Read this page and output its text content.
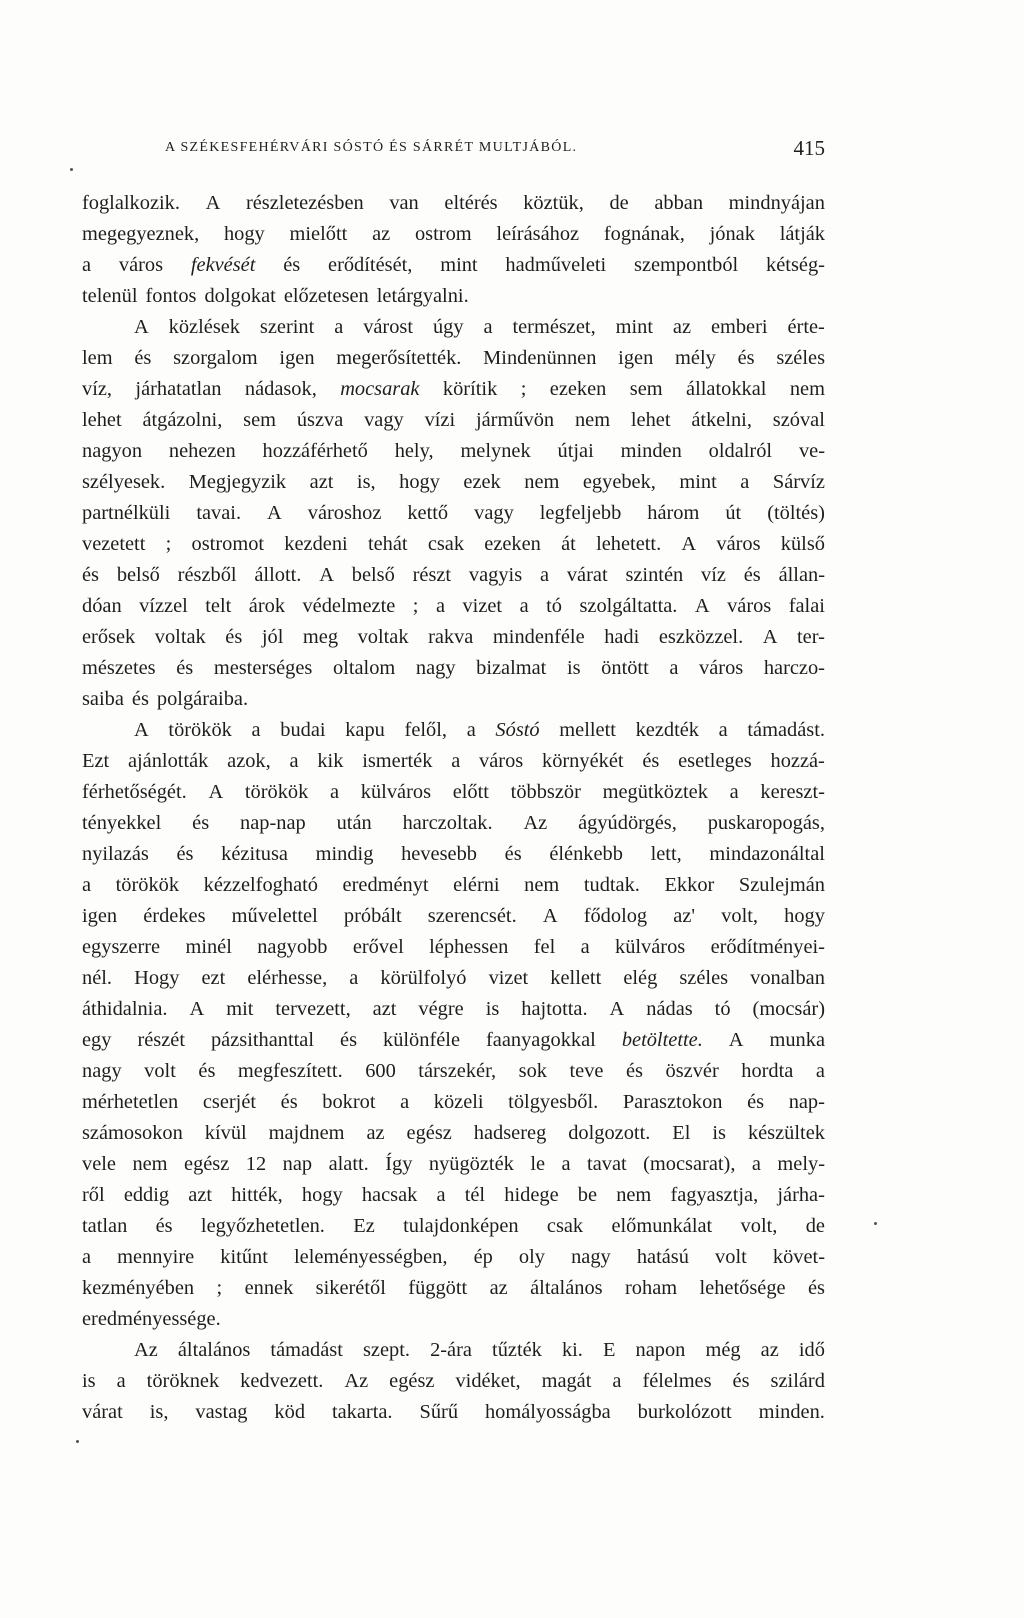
A SZÉKESFEHÉRVÁRI SÓSTÓ ÉS SÁRRÉT MULTJÁBÓL.	415
foglalkozik. A részletezésben van eltérés köztük, de abban mindnyájan
megegyeznek, hogy mielőtt az ostrom leírásához fognának, jónak látják
a város fekvését és erődítését, mint hadműveleti szempontból kétség-
telenül fontos dolgokat előzetesen letárgyalni.
A közlések szerint a várost úgy a természet, mint az emberi érte-
lem és szorgalom igen megerősítették. Mindenünnen igen mély és széles
víz, járhatatlan nádasok, mocsarak körítik ; ezeken sem állatokkal nem
lehet átgázolni, sem úszva vagy vízi járművön nem lehet átkelni, szóval
nagyon nehezen hozzáférhető hely, melynek útjai minden oldalról ve-
szélyesek. Megjegyzik azt is, hogy ezek nem egyebek, mint a Sárvíz
partnélküli tavai. A városhoz kettő vagy legfeljebb három út (töltés)
vezetett ; ostromot kezdeni tehát csak ezeken át lehetett. A város külső
és belső részből állott. A belső részt vagyis a várat szintén víz és állan-
dóan vízzel telt árok védelmezte ; a vizet a tó szolgáltatta. A város falai
erősek voltak és jól meg voltak rakva mindenféle hadi eszközzel. A ter-
mészetes és mesterséges oltalom nagy bizalmat is öntött a város harczo-
saiba és polgáraiba.
A törökök a budai kapu felől, a Sóstó mellett kezdték a támadást.
Ezt ajánlották azok, a kik ismerték a város környékét és esetleges hozzá-
férhetőségét. A törökök a külváros előtt többször megütköztek a kereszt-
tényekkel és nap-nap után harczoltak. Az ágyúdörgés, puskaropogás,
nyilazás és kézitusa mindig hevesebb és élénkebb lett, mindazonáltal
a törökök kézzelfogható eredményt elérni nem tudtak. Ekkor Szulejmán
igen érdekes művelettel próbált szerencsét. A fődolog az' volt, hogy
egyszerre minél nagyobb erővel léphessen fel a külváros erődítményei-
nél. Hogy ezt elérhesse, a körülfolyó vizet kellett elég széles vonalban
áthidalnia. A mit tervezett, azt végre is hajtotta. A nádas tó (mocsár)
egy részét pázsithanttal és különféle faanyagokkal betöltette. A munka
nagy volt és megfeszített. 600 társzekér, sok teve és öszvér hordta a
mérhetetlen cserjét és bokrot a közeli tölgyesből. Parasztokon és nap-
számosokon kívül majdnem az egész hadsereg dolgozott. El is készültek
vele nem egész 12 nap alatt. Így nyügözték le a tavat (mocsarat), a mely-
ről eddig azt hitték, hogy hacsak a tél hidege be nem fagyasztja, járha-
tatlan és legyőzhetetlen. Ez tulajdonképen csak előmunkálat volt, de
a mennyire kitűnt leleményességben, ép oly nagy hatású volt követ-
kezményében ; ennek sikerétől függött az általános roham lehetősége és
eredményessége.
Az általános támadást szept. 2-ára tűzték ki. E napon még az idő
is a töröknek kedvezett. Az egész vidéket, magát a félelmes és szilárd
várat is, vastag köd takarta. Sűrű homályosságba burkolózott minden.
